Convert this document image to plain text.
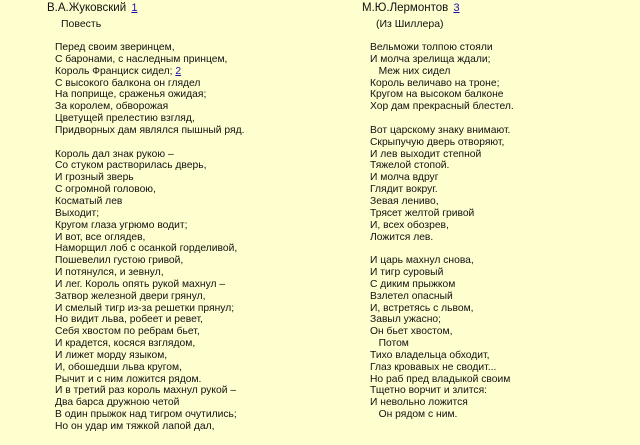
В.А.Жуковский 1
Повесть
Перед своим зверинцем,
С баронами, с наследным принцем,
Король Франциск сидел; 2
С высокого балкона он глядел
На поприще, сраженья ожидая;
За королем, обворожая
Цветущей прелестию взгляд,
Придворных дам являлся пышный ряд.
Король дал знак рукою –
Со стуком растворилась дверь,
И грозный зверь
С огромной головою,
Косматый лев
Выходит;
Кругом глаза угрюмо водит;
И вот, все оглядев,
Наморщил лоб с осанкой горделивой,
Пошевелил густою гривой,
И потянулся, и зевнул,
И лег. Король опять рукой махнул –
Затвор железной двери грянул,
И смелый тигр из-за решетки прянул;
Но видит льва, робеет и ревет,
Себя хвостом по ребрам бьет,
И крадется, косяся взглядом,
И лижет морду языком,
И, обошедши льва кругом,
Рычит и с ним ложится рядом.
И в третий раз король махнул рукой –
Два барса дружною четой
В один прыжок над тигром очутились;
Но он удар им тяжкой лапой дал,
М.Ю.Лермонтов 3
(Из Шиллера)
Вельможи толпою стояли
И молча зрелища ждали;
Меж них сидел
Король величаво на троне;
Кругом на высоком балконе
Хор дам прекрасный блестел.
Вот царскому знаку внимают.
Скрыпучую дверь отворяют,
И лев выходит степной
Тяжелой стопой.
И молча вдруг
Глядит вокруг.
Зевая лениво,
Трясет желтой гривой
И, всех обозрев,
Ложится лев.
И царь махнул снова,
И тигр суровый
С диким прыжком
Взлетел опасный
И, встретясь с львом,
Завыл ужасно;
Он бьет хвостом,
Потом
Тихо владельца обходит,
Глаз кровавых не сводит...
Но раб пред владыкой своим
Тщетно ворчит и злится:
И невольно ложится
Он рядом с ним.
